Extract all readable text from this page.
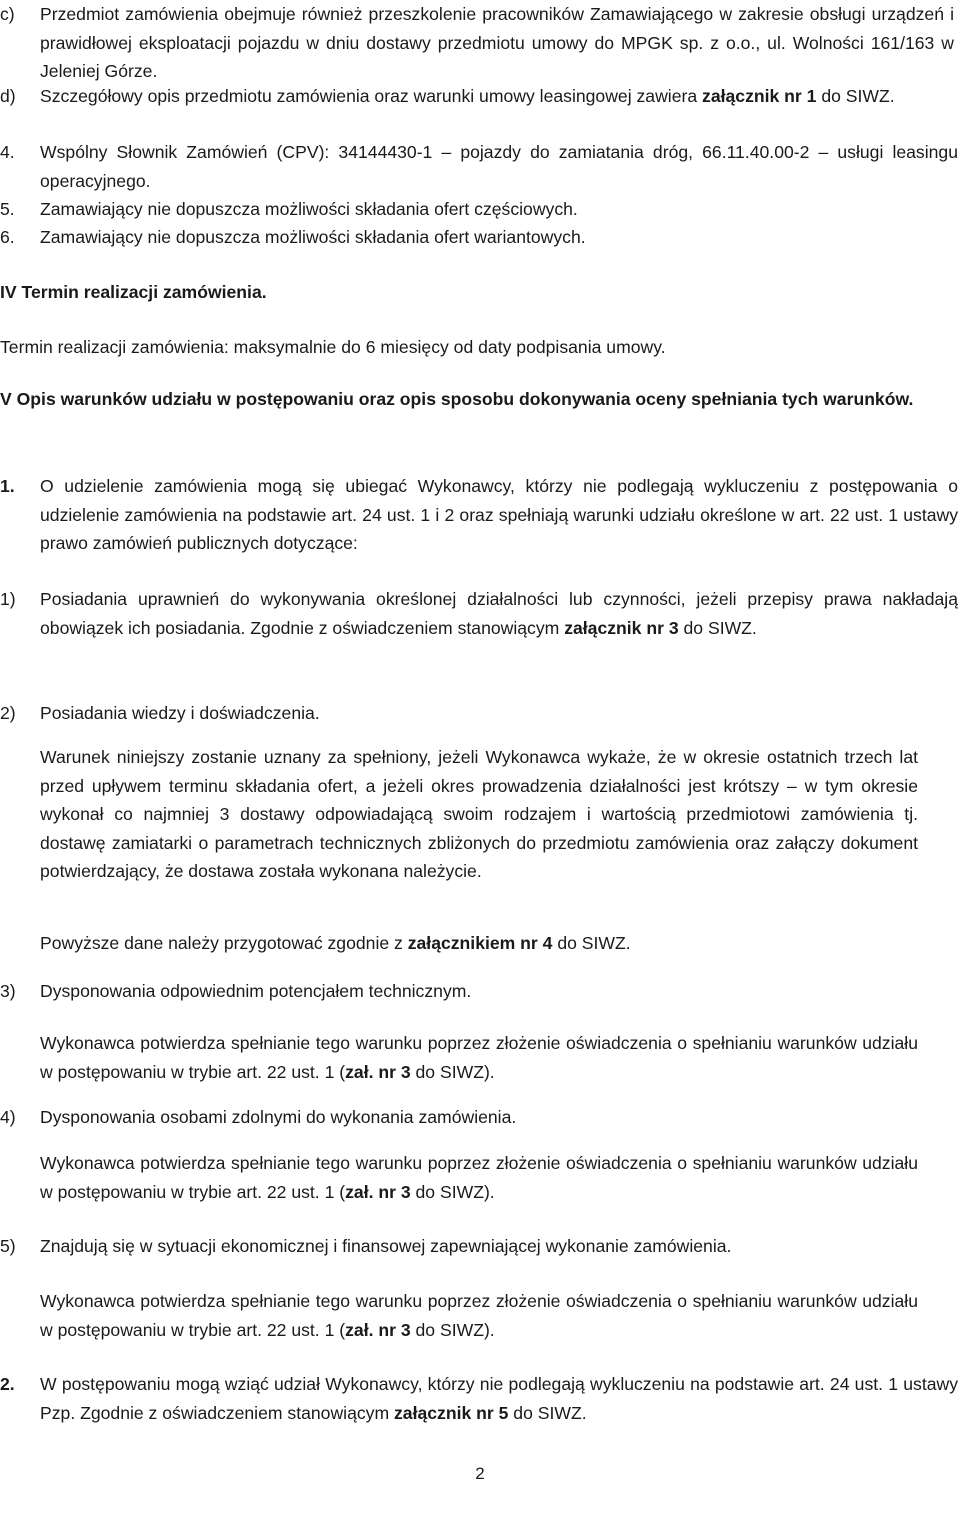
c) Przedmiot zamówienia obejmuje również przeszkolenie pracowników Zamawiającego w zakresie obsługi urządzeń i prawidłowej eksploatacji pojazdu w dniu dostawy przedmiotu umowy do MPGK sp. z o.o., ul. Wolności 161/163 w Jeleniej Górze.

d) Szczegółowy opis przedmiotu zamówienia oraz warunki umowy leasingowej zawiera załącznik nr 1 do SIWZ.

4. Wspólny Słownik Zamówień (CPV): 34144430-1 – pojazdy do zamiatania dróg, 66.11.40.00-2 – usługi leasingu operacyjnego.

5. Zamawiający nie dopuszcza możliwości składania ofert częściowych.

6. Zamawiający nie dopuszcza możliwości składania ofert wariantowych.

IV Termin realizacji zamówienia.

Termin realizacji zamówienia: maksymalnie do 6 miesięcy od daty podpisania umowy.

V Opis warunków udziału w postępowaniu oraz opis sposobu dokonywania oceny spełniania tych warunków.

1. O udzielenie zamówienia mogą się ubiegać Wykonawcy, którzy nie podlegają wykluczeniu z postępowania o udzielenie zamówienia na podstawie art. 24 ust. 1 i 2 oraz spełniają warunki udziału określone w art. 22 ust. 1 ustawy prawo zamówień publicznych dotyczące:

1) Posiadania uprawnień do wykonywania określonej działalności lub czynności, jeżeli przepisy prawa nakładają obowiązek ich posiadania. Zgodnie z oświadczeniem stanowiącym załącznik nr 3 do SIWZ.

2) Posiadania wiedzy i doświadczenia.

Warunek niniejszy zostanie uznany za spełniony, jeżeli Wykonawca wykaże, że w okresie ostatnich trzech lat przed upływem terminu składania ofert, a jeżeli okres prowadzenia działalności jest krótszy – w tym okresie wykonał co najmniej 3 dostawy odpowiadającą swoim rodzajem i wartością przedmiotowi zamówienia tj. dostawę zamiatarki o parametrach technicznych zbliżonych do przedmiotu zamówienia oraz załączy dokument potwierdzający, że dostawa została wykonana należycie.

Powyższe dane należy przygotować zgodnie z załącznikiem nr 4 do SIWZ.

3) Dysponowania odpowiednim potencjałem technicznym.

Wykonawca potwierdza spełnianie tego warunku poprzez złożenie oświadczenia o spełnianiu warunków udziału w postępowaniu w trybie art. 22 ust. 1 (zał. nr 3 do SIWZ).

4) Dysponowania osobami zdolnymi do wykonania zamówienia.

Wykonawca potwierdza spełnianie tego warunku poprzez złożenie oświadczenia o spełnianiu warunków udziału w postępowaniu w trybie art. 22 ust. 1 (zał. nr 3 do SIWZ).

5) Znajdują się w sytuacji ekonomicznej i finansowej zapewniającej wykonanie zamówienia.

Wykonawca potwierdza spełnianie tego warunku poprzez złożenie oświadczenia o spełnianiu warunków udziału w postępowaniu w trybie art. 22 ust. 1 (zał. nr 3 do SIWZ).

2. W postępowaniu mogą wziąć udział Wykonawcy, którzy nie podlegają wykluczeniu na podstawie art. 24 ust. 1 ustawy Pzp. Zgodnie z oświadczeniem stanowiącym załącznik nr 5 do SIWZ.

2
